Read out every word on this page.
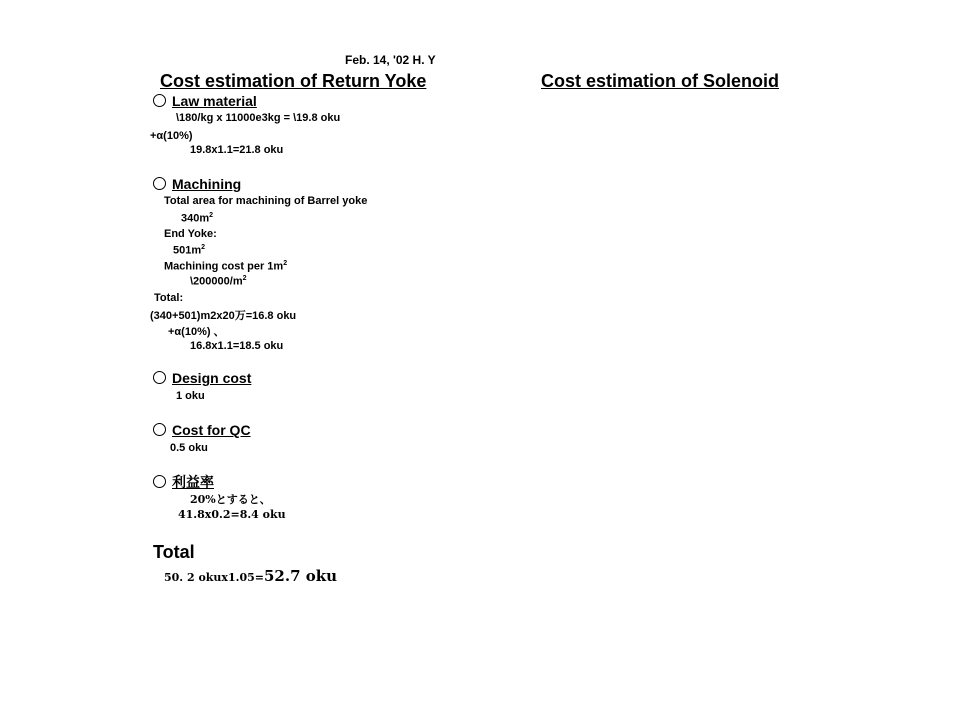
Feb. 14, '02 H. Y
Cost estimation of Return Yoke	Cost estimation of Solenoid
Law material
\180/kg x 11000e3kg = \19.8 oku
+α(10%)
19.8x1.1=21.8 oku
Machining
Total area for machining of Barrel yoke
$340m^2$
End Yoke:
$501m^2$
Machining cost per $1m^2$
$\backslash 200000/m^2$
Total:
(340+501)m2x20万=16.8 oku
+α(10%) 、
16.8x1.1=18.5 oku
Design cost
1 oku
Cost for QC
0.5 oku
利益率
20%とすると、
41.8x0.2=8.4 oku
Total
50. 2 okux1.05=52.7 oku
